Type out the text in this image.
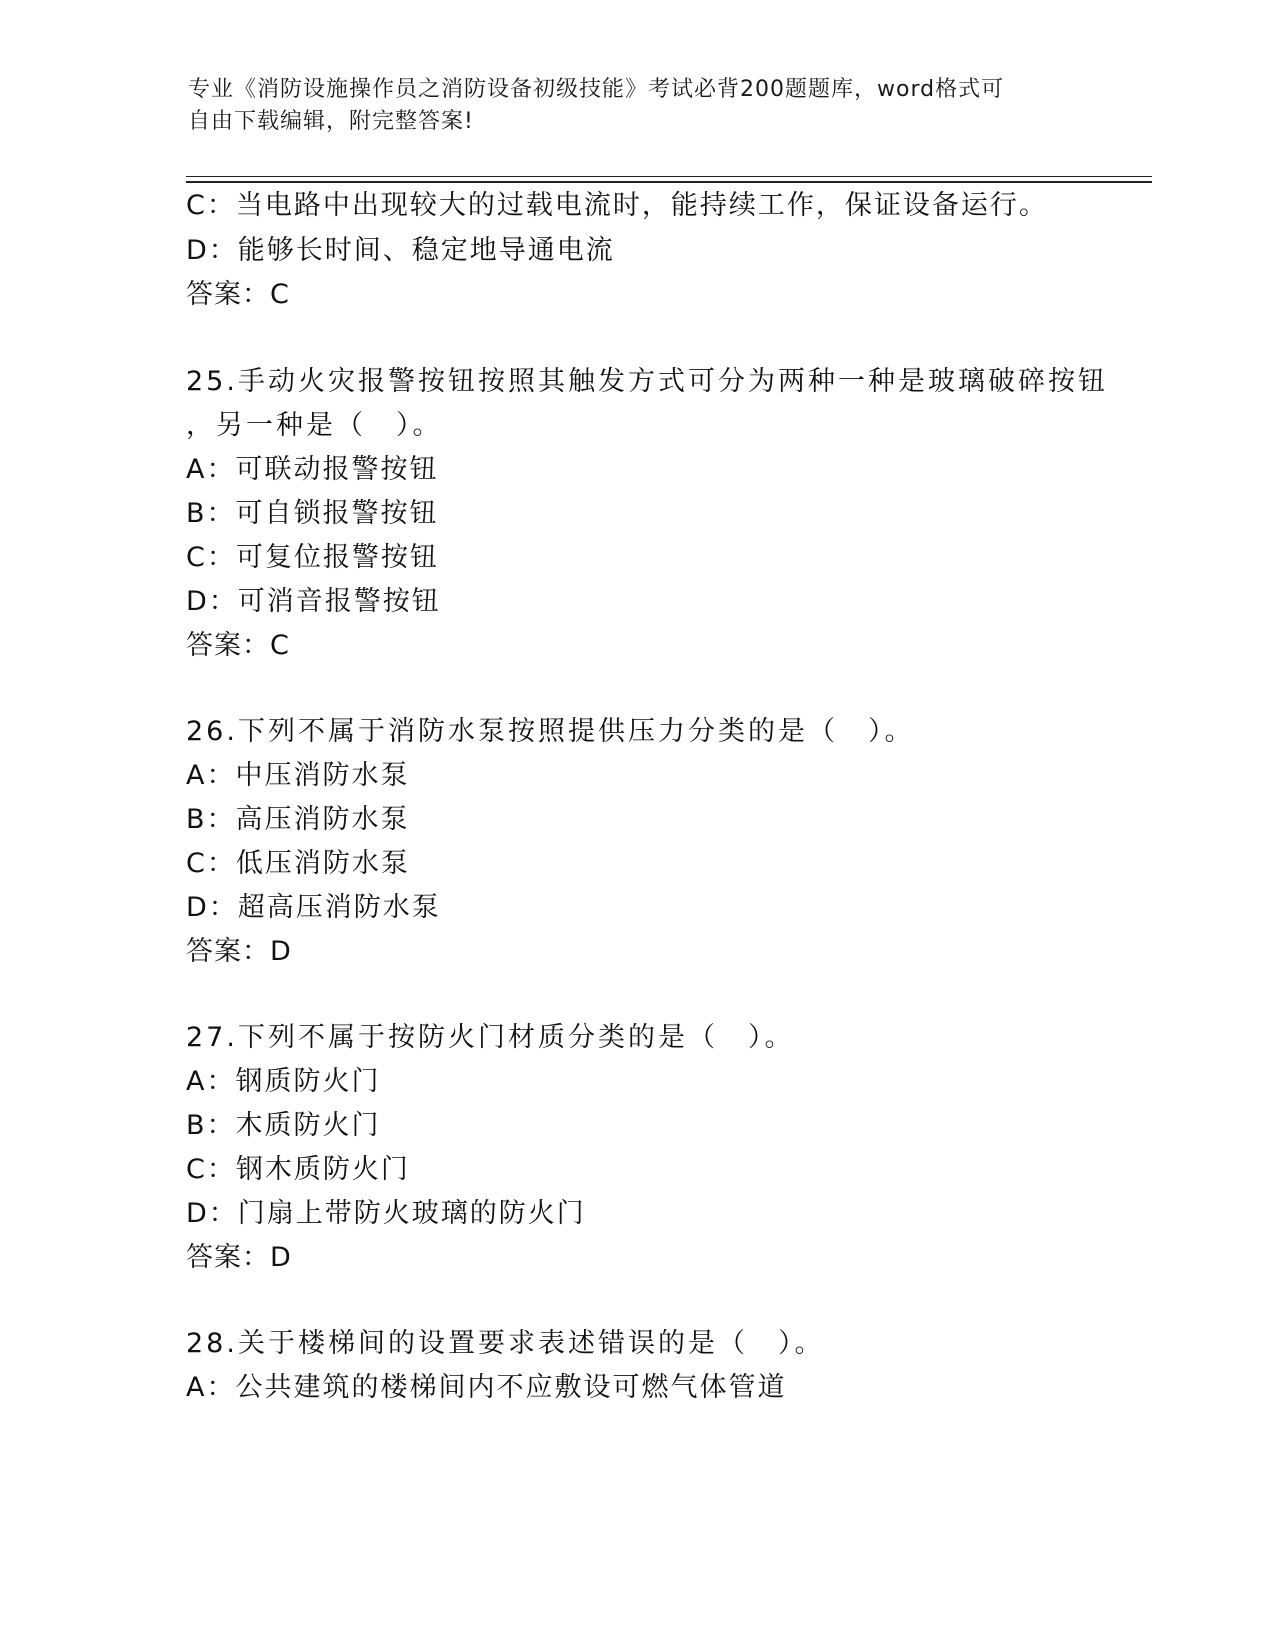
专业《消防设施操作员之消防设备初级技能》考试必背200题题库，word格式可
自由下载编辑，附完整答案!
C：当电路中出现较大的过载电流时，能持续工作，保证设备运行。
D：能够长时间、稳定地导通电流
答案：C
25.手动火灾报警按钮按照其触发方式可分为两种一种是玻璃破碎按钮
，另一种是（　）。
A：可联动报警按钮
B：可自锁报警按钮
C：可复位报警按钮
D：可消音报警按钮
答案：C
26.下列不属于消防水泵按照提供压力分类的是（　）。
A：中压消防水泵
B：高压消防水泵
C：低压消防水泵
D：超高压消防水泵
答案：D
27.下列不属于按防火门材质分类的是（　）。
A：钢质防火门
B：木质防火门
C：钢木质防火门
D：门扇上带防火玻璃的防火门
答案：D
28.关于楼梯间的设置要求表述错误的是（　）。
A：公共建筑的楼梯间内不应敷设可燃气体管道
